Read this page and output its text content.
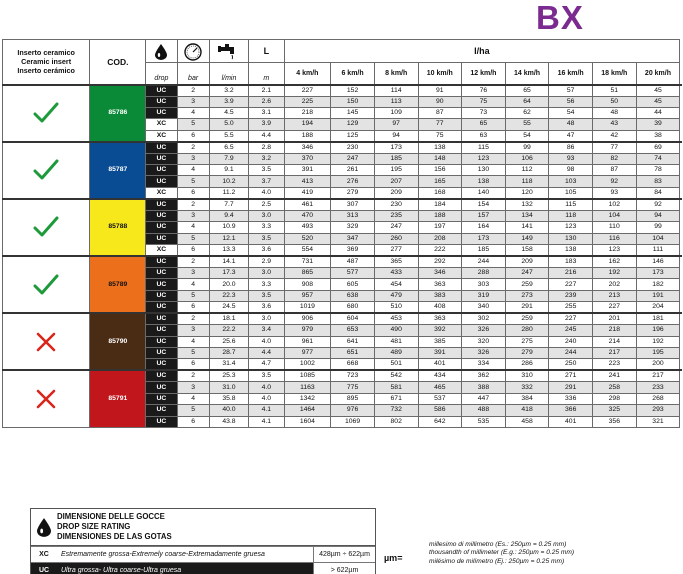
BX
Inserto ceramico
Ceramic insert
Inserto cerámico	COD.				L	l/ha									
		drop	bar	l/min	m	4 km/h	6 km/h	8 km/h	10 km/h	12 km/h	14 km/h	16 km/h	18 km/h	20 km/h	

	85786	UC	2	3.2	2.1	227	152	114	91	76	65	57	51	45	
		UC	3	3.9	2.6	225	150	113	90	75	64	56	50	45	
		UC	4	4.5	3.1	218	145	109	87	73	62	54	48	44	
		XC	5	5.0	3.9	194	129	97	77	65	55	48	43	39	
		XC	6	5.5	4.4	188	125	94	75	63	54	47	42	38	

	85787	UC	2	6.5	2.8	346	230	173	138	115	99	86	77	69	
		UC	3	7.9	3.2	370	247	185	148	123	106	93	82	74	
		UC	4	9.1	3.5	391	261	195	156	130	112	98	87	78	
		UC	5	10.2	3.7	413	276	207	165	138	118	103	92	83	
		XC	6	11.2	4.0	419	279	209	168	140	120	105	93	84	

	85788	UC	2	7.7	2.5	461	307	230	184	154	132	115	102	92	
		UC	3	9.4	3.0	470	313	235	188	157	134	118	104	94	
		UC	4	10.9	3.3	493	329	247	197	164	141	123	110	99	
		UC	5	12.1	3.5	520	347	260	208	173	149	130	116	104	
		XC	6	13.3	3.6	554	369	277	222	185	158	138	123	111	

	85789	UC	2	14.1	2.9	731	487	365	292	244	209	183	162	146	
		UC	3	17.3	3.0	865	577	433	346	288	247	216	192	173	
		UC	4	20.0	3.3	908	605	454	363	303	259	227	202	182	
		UC	5	22.3	3.5	957	638	479	383	319	273	239	213	191	
		UC	6	24.5	3.6	1019	680	510	408	340	291	255	227	204	

	85790	UC	2	18.1	3.0	906	604	453	363	302	259	227	201	181	
		UC	3	22.2	3.4	979	653	490	392	326	280	245	218	196	
		UC	4	25.6	4.0	961	641	481	385	320	275	240	214	192	
		UC	5	28.7	4.4	977	651	489	391	326	279	244	217	195	
		UC	6	31.4	4.7	1002	668	501	401	334	286	250	223	200	

	85791	UC	2	25.3	3.5	1085	723	542	434	362	310	271	241	217	
		UC	3	31.0	4.0	1163	775	581	465	388	332	291	258	233	
		UC	4	35.8	4.0	1342	895	671	537	447	384	336	298	268	
		UC	5	40.0	4.1	1464	976	732	586	488	418	366	325	293	
		UC	6	43.8	4.1	1604	1069	802	642	535	458	401	356	321	
DIMENSIONE DELLE GOCCE
DROP SIZE RATING
DIMENSIONES DE LAS GOTAS
XC	Estremamente grossa-Extremely coarse-Extremadamente gruesa	428µm ÷ 622µm
UC	Ultra grossa- Ultra coarse-Ultra gruesa	> 622µm
µm=
millesimo di millimetro (Es.: 250µm = 0.25 mm)
thousandth of millimeter (E.g.: 250µm = 0.25 mm)
milésimo de milímetro (Ej.: 250µm = 0.25 mm)
